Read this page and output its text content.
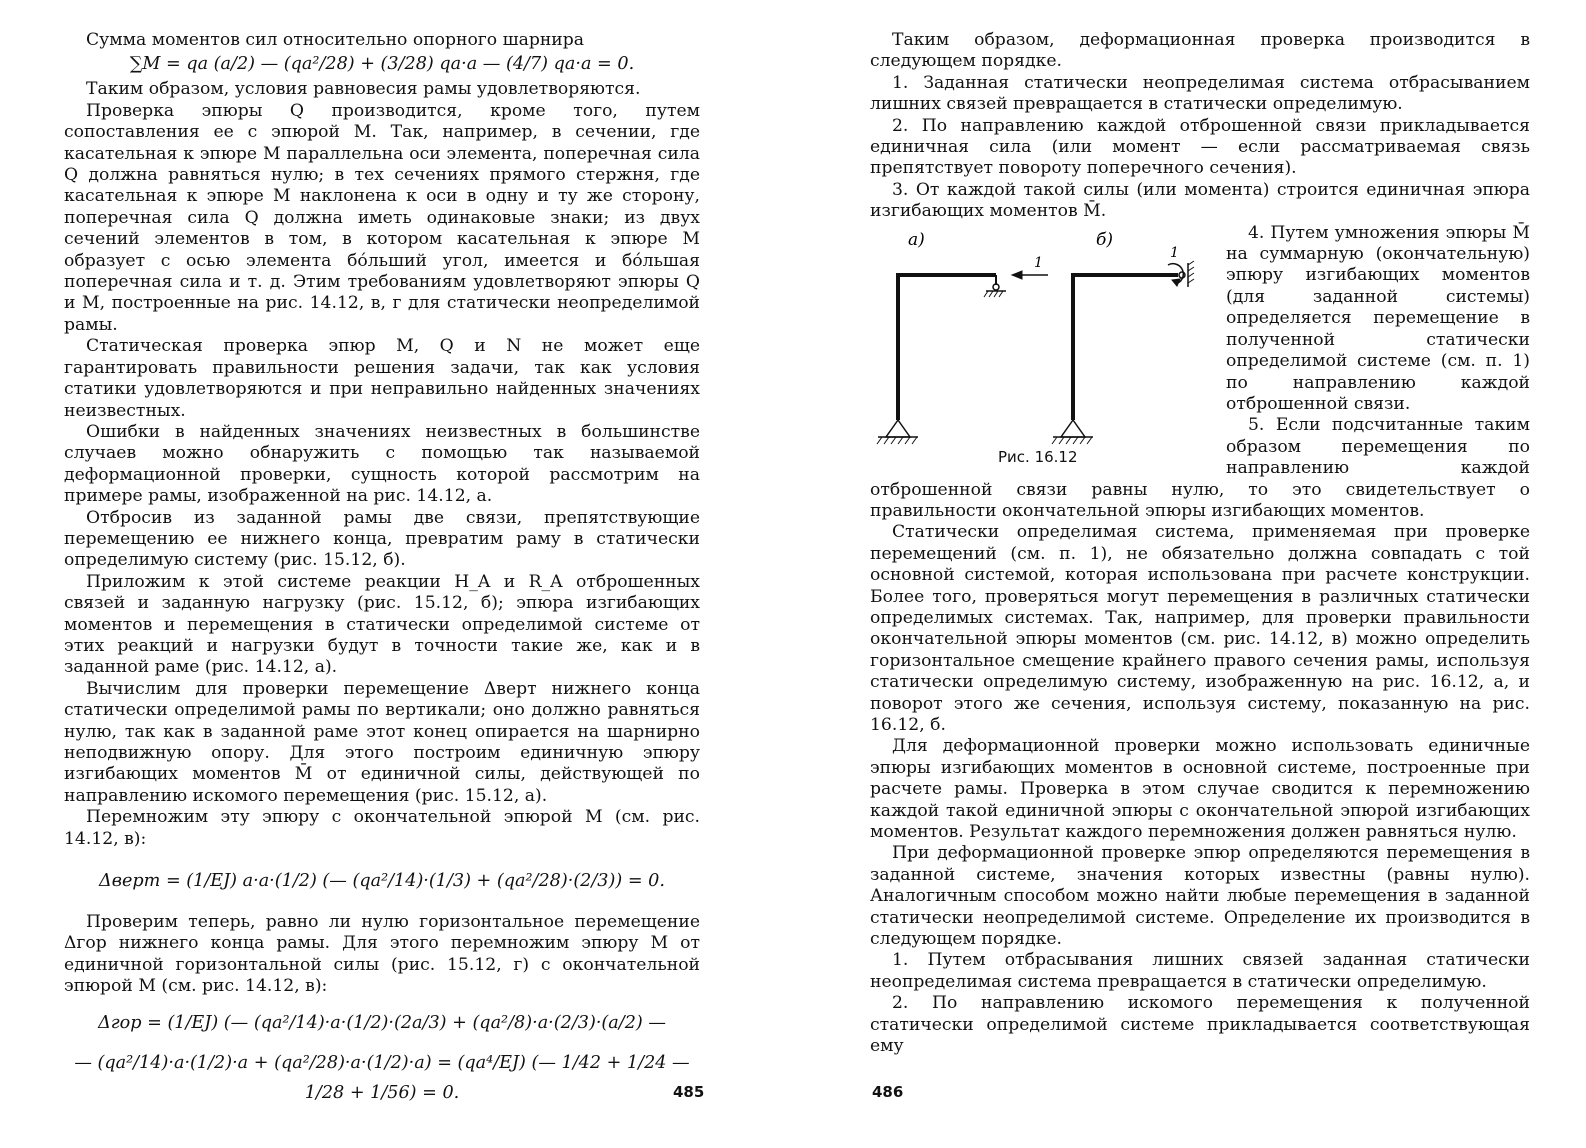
Сумма моментов сил относительно опорного шарнира

∑M = qa (a/2) — (qa²/28) + (3/28) qa·a — (4/7) qa·a = 0.

Таким образом, условия равновесия рамы удовлетворяются.

Проверка эпюры Q производится, кроме того, путем сопоставления ее с эпюрой M. Так, например, в сечении, где касательная к эпюре M параллельна оси элемента, поперечная сила Q должна равняться нулю; в тех сечениях прямого стержня, где касательная к эпюре M наклонена к оси в одну и ту же сторону, поперечная сила Q должна иметь одинаковые знаки; из двух сечений элементов в том, в котором касательная к эпюре M образует с осью элемента бо́льший угол, имеется и бо́льшая поперечная сила и т. д. Этим требованиям удовлетворяют эпюры Q и M, построенные на рис. 14.12, в, г для статически неопределимой рамы.

Статическая проверка эпюр M, Q и N не может еще гарантировать правильности решения задачи, так как условия статики удовлетворяются и при неправильно найденных значениях неизвестных.

Ошибки в найденных значениях неизвестных в большинстве случаев можно обнаружить с помощью так называемой деформационной проверки, сущность которой рассмотрим на примере рамы, изображенной на рис. 14.12, а.

Отбросив из заданной рамы две связи, препятствующие перемещению ее нижнего конца, превратим раму в статически определимую систему (рис. 15.12, б).

Приложим к этой системе реакции H_A и R_A отброшенных связей и заданную нагрузку (рис. 15.12, б); эпюра изгибающих моментов и перемещения в статически определимой системе от этих реакций и нагрузки будут в точности такие же, как и в заданной раме (рис. 14.12, а).

Вычислим для проверки перемещение Δверт нижнего конца статически определимой рамы по вертикали; оно должно равняться нулю, так как в заданной раме этот конец опирается на шарнирно неподвижную опору. Для этого построим единичную эпюру изгибающих моментов M̄ от единичной силы, действующей по направлению искомого перемещения (рис. 15.12, а).

Перемножим эту эпюру с окончательной эпюрой M (см. рис. 14.12, в):

Δверт = (1/EJ) a·a·(1/2) (— (qa²/14)·(1/3) + (qa²/28)·(2/3)) = 0.

Проверим теперь, равно ли нулю горизонтальное перемещение Δгор нижнего конца рамы. Для этого перемножим эпюру M от единичной горизонтальной силы (рис. 15.12, г) с окончательной эпюрой M (см. рис. 14.12, в):

Δгор = (1/EJ) (— (qa²/14)·a·(1/2)·(2a/3) + (qa²/8)·a·(2/3)·(a/2) —
— (qa²/14)·a·(1/2)·a + (qa²/28)·a·(1/2)·a) = (qa⁴/EJ) (— 1/42 + 1/24 — 1/28 + 1/56) = 0.	485

Таким образом, деформационная проверка производится в следующем порядке.

1. Заданная статически неопределимая система отбрасыванием лишних связей превращается в статически определимую.

2. По направлению каждой отброшенной связи прикладывается единичная сила (или момент — если рассматриваемая связь препятствует повороту поперечного сечения).

3. От каждой такой силы (или момента) строится единичная эпюра изгибающих моментов M̄.

а)
1
б)
1
Рис. 16.12

4. Путем умножения эпюры M̄ на суммарную (окончательную) эпюру изгибающих моментов (для заданной системы) определяется перемещение в полученной статически определимой системе (см. п. 1) по направлению каждой отброшенной связи.

5. Если подсчитанные таким образом перемещения по направлению каждой отброшенной связи равны нулю, то это свидетельствует о правильности окончательной эпюры изгибающих моментов.

Статически определимая система, применяемая при проверке перемещений (см. п. 1), не обязательно должна совпадать с той основной системой, которая использована при расчете конструкции. Более того, проверяться могут перемещения в различных статически определимых системах. Так, например, для проверки правильности окончательной эпюры моментов (см. рис. 14.12, в) можно определить горизонтальное смещение крайнего правого сечения рамы, используя статически определимую систему, изображенную на рис. 16.12, а, и поворот этого же сечения, используя систему, показанную на рис. 16.12, б.

Для деформационной проверки можно использовать единичные эпюры изгибающих моментов в основной системе, построенные при расчете рамы. Проверка в этом случае сводится к перемножению каждой такой единичной эпюры с окончательной эпюрой изгибающих моментов. Результат каждого перемножения должен равняться нулю.

При деформационной проверке эпюр определяются перемещения в заданной системе, значения которых известны (равны нулю). Аналогичным способом можно найти любые перемещения в заданной статически неопределимой системе. Определение их производится в следующем порядке.

1. Путем отбрасывания лишних связей заданная статически неопределимая система превращается в статически определимую.

2. По направлению искомого перемещения к полученной статически определимой системе прикладывается соответствующая ему

486
